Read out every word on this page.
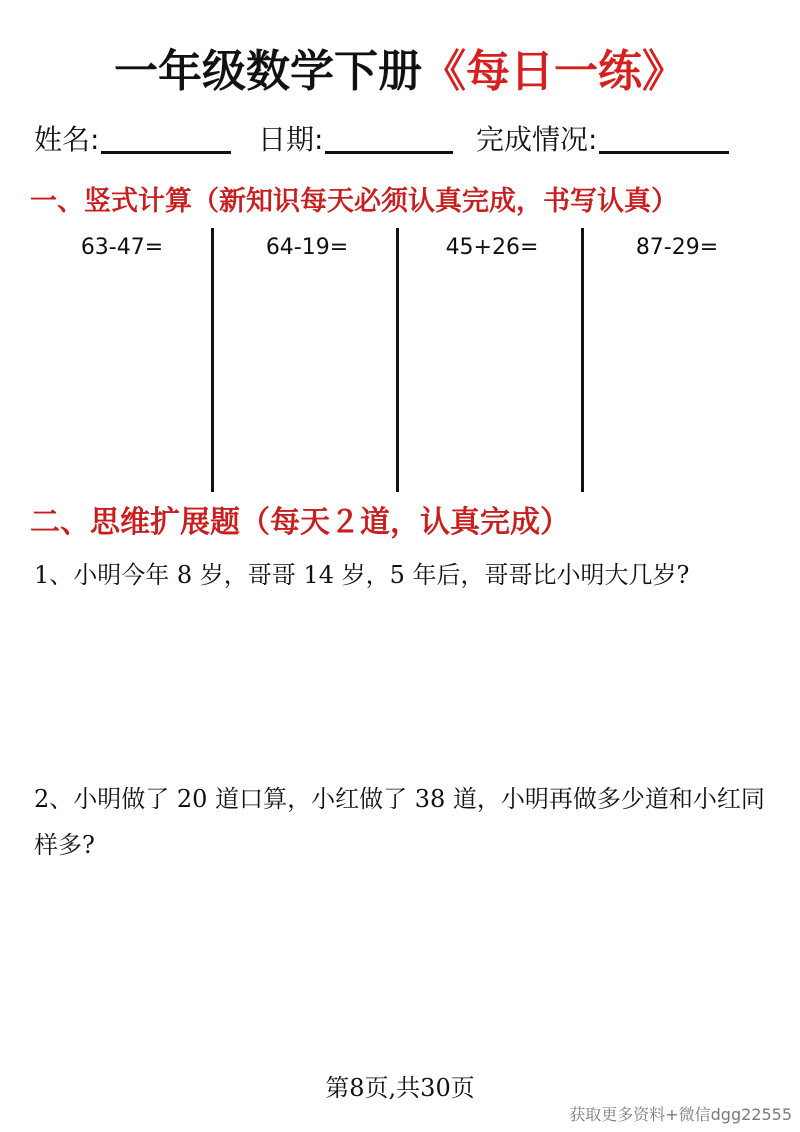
一年级数学下册《每日一练》
姓名:	日期:	完成情况:
一、竖式计算（新知识每天必须认真完成，书写认真）
63-47=	64-19=	45+26=	87-29=
二、思维扩展题（每天２道，认真完成）
1、小明今年 8 岁，哥哥 14 岁，5 年后，哥哥比小明大几岁?
2、小明做了 20 道口算，小红做了 38 道，小明再做多少道和小红同样多?
第8页,共30页
获取更多资料+微信dgg22555
